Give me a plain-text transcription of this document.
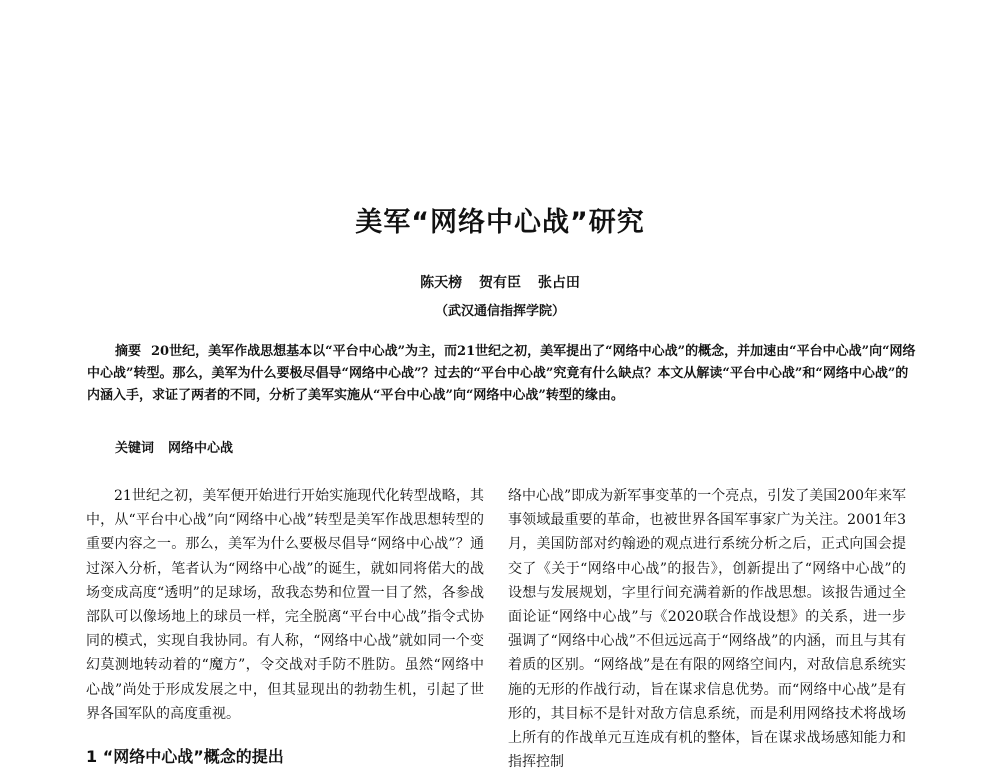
美军“网络中心战”研究
陈天榜 贺有臣 张占田
（武汉通信指挥学院）

摘要 20世纪，美军作战思想基本以“平台中心战”为主，而21世纪之初，美军提出了“网络中心战”的概念，并加速由“平台中心战”向“网络中心战”转型。那么，美军为什么要极尽倡导“网络中心战”？过去的“平台中心战”究竟有什么缺点？本文从解读“平台中心战”和“网络中心战”的内涵入手，求证了两者的不同，分析了美军实施从“平台中心战”向“网络中心战”转型的缘由。

关键词 网络中心战

21世纪之初，美军便开始进行开始实施现代化转型战略，其中，从“平台中心战”向“网络中心战”转型是美军作战思想转型的重要内容之一。那么，美军为什么要极尽倡导“网络中心战”？通过深入分析，笔者认为“网络中心战”的诞生，就如同将偌大的战场变成高度“透明”的足球场，敌我态势和位置一目了然，各参战部队可以像场地上的球员一样，完全脱离“平台中心战”指令式协同的模式，实现自我协同。有人称，“网络中心战”就如同一个变幻莫测地转动着的“魔方”，令交战对手防不胜防。虽然“网络中心战”尚处于形成发展之中，但其显现出的勃勃生机，引起了世界各国军队的高度重视。

络中心战”即成为新军事变革的一个亮点，引发了美国200年来军事领域最重要的革命，也被世界各国军事家广为关注。2001年3月，美国防部对约翰逊的观点进行系统分析之后，正式向国会提交了《关于“网络中心战”的报告》，创新提出了“网络中心战”的设想与发展规划，字里行间充满着新的作战思想。该报告通过全面论证“网络中心战”与《2020联合作战设想》的关系，进一步强调了“网络中心战”不但远远高于“网络战”的内涵，而且与其有着质的区别。“网络战”是在有限的网络空间内，对敌信息系统实施的无形的作战行动，旨在谋求信息优势。而“网络中心战”是有形的，其目标不是针对敌方信息系统，而是利用网络技术将战场上所有的作战单元互连成有机的整体，旨在谋求战场感知能力和指挥控制

1 “网络中心战”概念的提出
